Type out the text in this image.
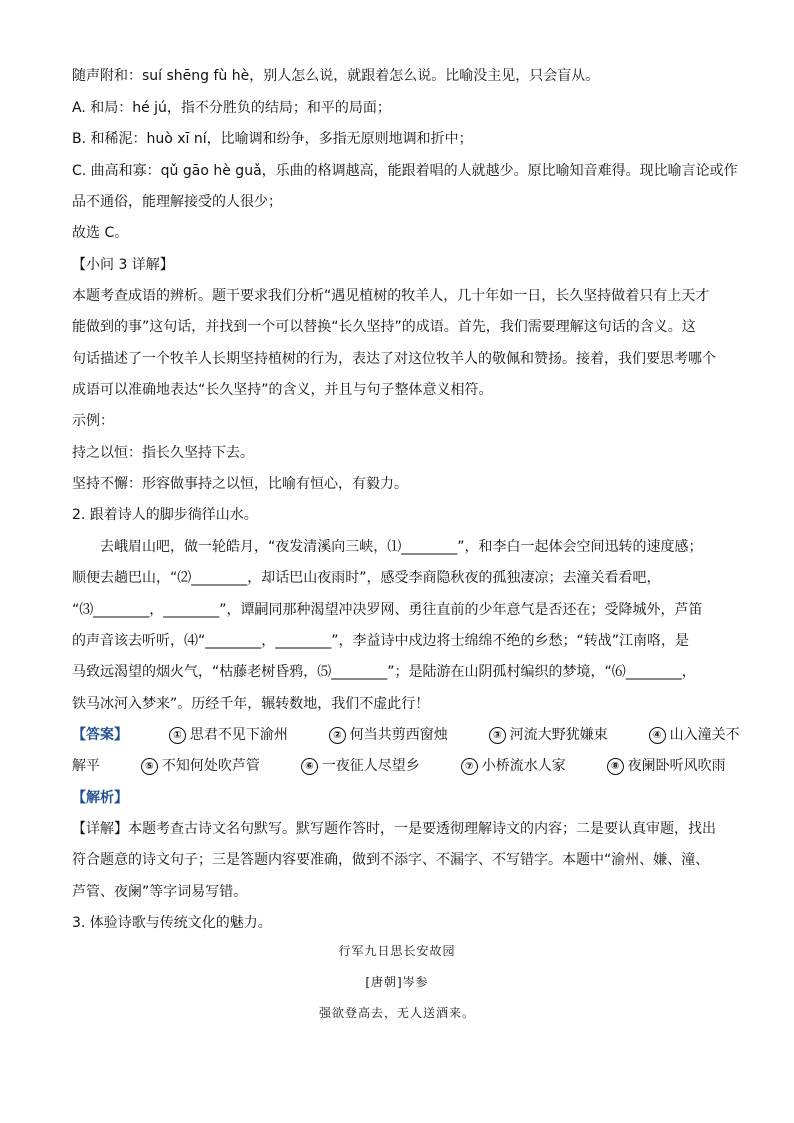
随声附和：suí shēng fù hè，别人怎么说，就跟着怎么说。比喻没主见，只会盲从。
A. 和局：hé jú，指不分胜负的结局；和平的局面；
B. 和稀泥：huò xī ní，比喻调和纷争，多指无原则地调和折中；
C. 曲高和寡：qǔ gāo hè guǎ，乐曲的格调越高，能跟着唱的人就越少。原比喻知音难得。现比喻言论或作
品不通俗，能理解接受的人很少；
故选 C。
【小问 3 详解】
本题考查成语的辨析。题干要求我们分析“遇见植树的牧羊人，几十年如一日，长久坚持做着只有上天才
能做到的事”这句话，并找到一个可以替换“长久坚持”的成语。首先，我们需要理解这句话的含义。这
句话描述了一个牧羊人长期坚持植树的行为，表达了对这位牧羊人的敬佩和赞扬。接着，我们要思考哪个
成语可以准确地表达“长久坚持”的含义，并且与句子整体意义相符。
示例：
持之以恒：指长久坚持下去。
坚持不懈：形容做事持之以恒，比喻有恒心，有毅力。
2. 跟着诗人的脚步徜徉山水。
去峨眉山吧，做一轮皓月，“夜发清溪向三峡，⑴________”，和李白一起体会空间迅转的速度感；
顺便去趟巴山，“⑵________，却话巴山夜雨时”，感受李商隐秋夜的孤独凄凉；去潼关看看吧，
“⑶________，________”，谭嗣同那种渴望冲决罗网、勇往直前的少年意气是否还在；受降城外，芦笛
的声音该去听听，⑷“________，________”，李益诗中戍边将士绵绵不绝的乡愁；“转战”江南咯，是
马致远渴望的烟火气，“枯藤老树昏鸦，⑸________”；是陆游在山阴孤村编织的梦境，“⑹________，
铁马冰河入梦来”。历经千年，辗转数地，我们不虚此行！
【答案】	① 思君不见下渝州	② 何当共剪西窗烛	③ 河流大野犹嫌束	④ 山入潼关不
解平	⑤ 不知何处吹芦管	⑥ 一夜征人尽望乡	⑦ 小桥流水人家	⑧ 夜阑卧听风吹雨
【解析】
【详解】本题考查古诗文名句默写。默写题作答时，一是要透彻理解诗文的内容；二是要认真审题，找出
符合题意的诗文句子；三是答题内容要准确，做到不添字、不漏字、不写错字。本题中“渝州、嫌、潼、
芦管、夜阑”等字词易写错。
3. 体验诗歌与传统文化的魅力。
行军九日思长安故园
[唐朝]岑参
强欲登高去，无人送酒来。
